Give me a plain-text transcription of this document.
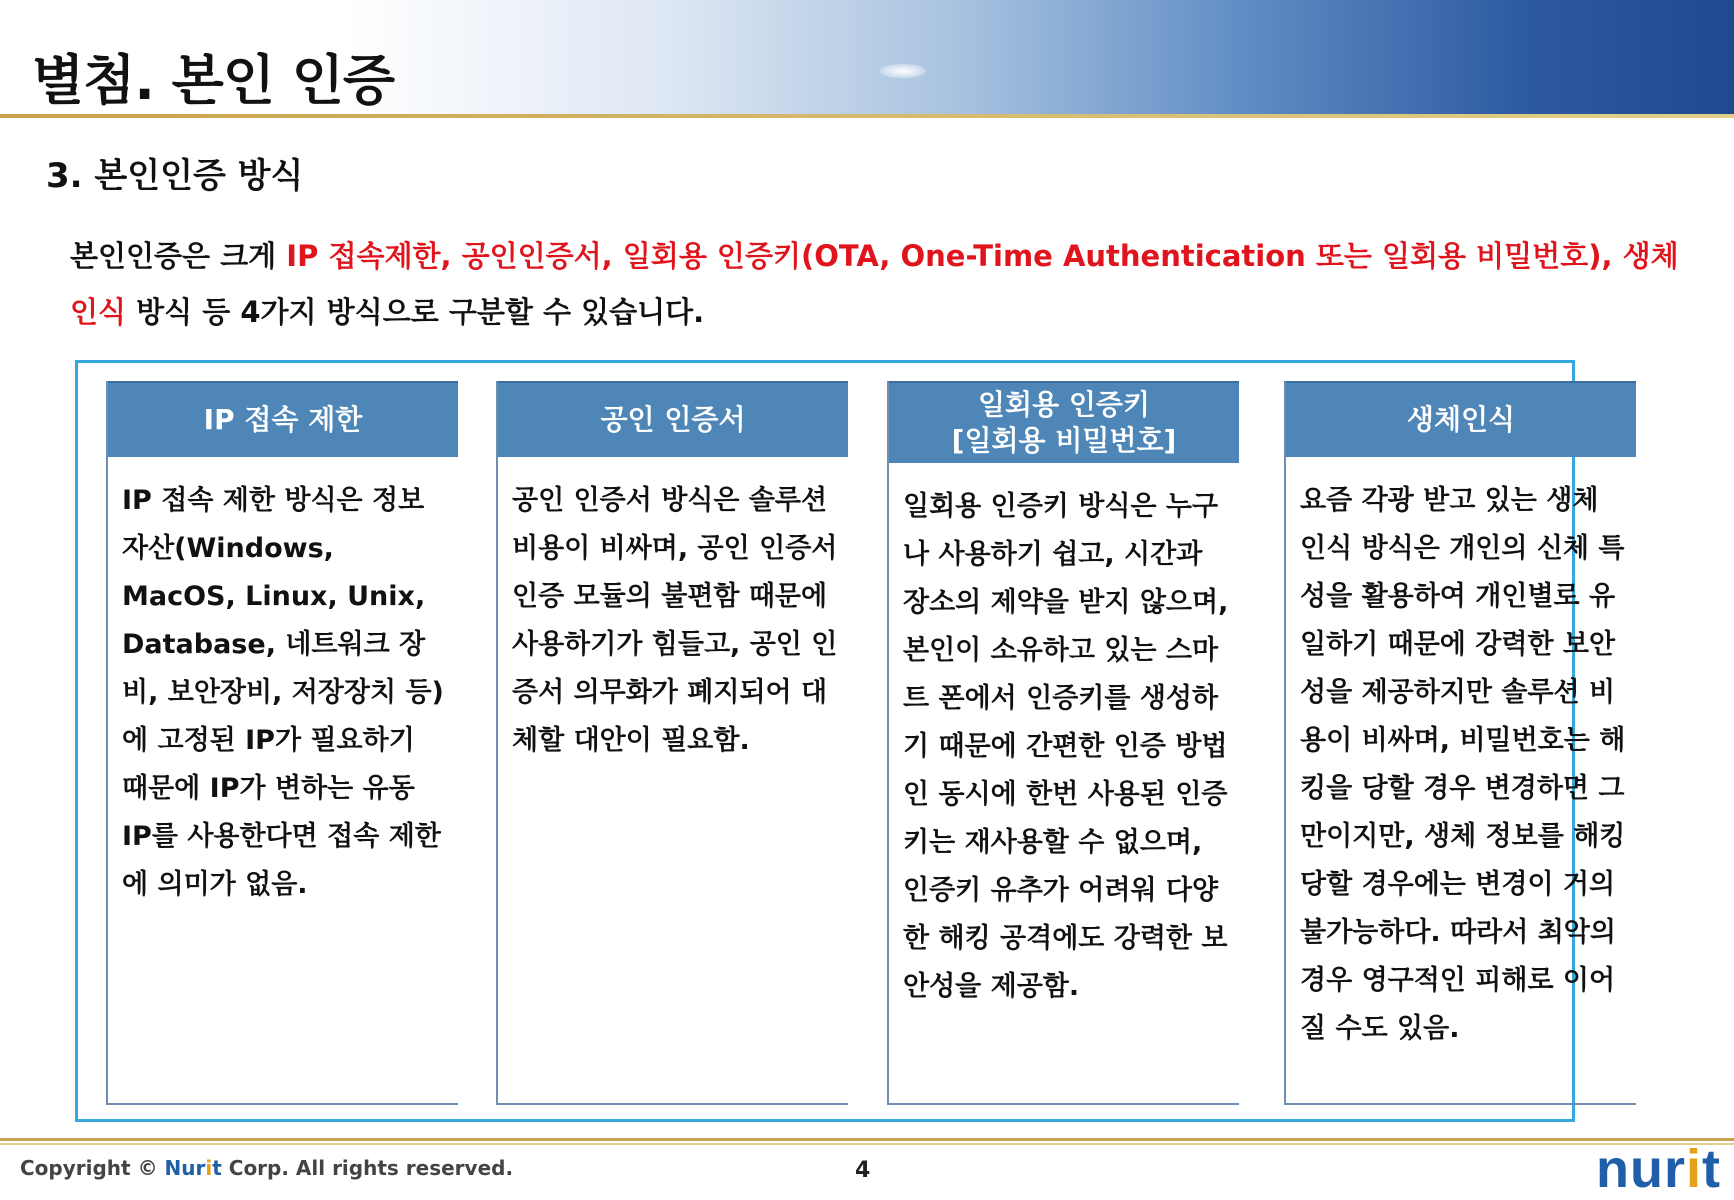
별첨. 본인 인증
3. 본인인증 방식
본인인증은 크게 IP 접속제한, 공인인증서, 일회용 인증키(OTA, One-Time Authentication 또는 일회용 비밀번호), 생체인식 방식 등 4가지 방식으로 구분할 수 있습니다.
IP 접속 제한
IP 접속 제한 방식은 정보 자산(Windows, MacOS, Linux, Unix, Database, 네트워크 장비, 보안장비, 저장장치 등)에 고정된 IP가 필요하기 때문에 IP가 변하는 유동 IP를 사용한다면 접속 제한에 의미가 없음.
공인 인증서
공인 인증서 방식은 솔루션 비용이 비싸며, 공인 인증서 인증 모듈의 불편함 때문에 사용하기가 힘들고, 공인 인증서 의무화가 폐지되어 대체할 대안이 필요함.
일회용 인증키
[일회용 비밀번호]
일회용 인증키 방식은 누구나 사용하기 쉽고, 시간과 장소의 제약을 받지 않으며, 본인이 소유하고 있는 스마트 폰에서 인증키를 생성하기 때문에 간편한 인증 방법인 동시에 한번 사용된 인증키는 재사용할 수 없으며, 인증키 유추가 어려워 다양한 해킹 공격에도 강력한 보안성을 제공함.
생체인식
요즘 각광 받고 있는 생체 인식 방식은 개인의 신체 특성을 활용하여 개인별로 유일하기 때문에 강력한 보안성을 제공하지만 솔루션 비용이 비싸며, 비밀번호는 해킹을 당할 경우 변경하면 그만이지만, 생체 정보를 해킹 당할 경우에는 변경이 거의 불가능하다. 따라서 최악의 경우 영구적인 피해로 이어질 수도 있음.
Copyright © Nurit Corp. All rights reserved.	4	nurit
